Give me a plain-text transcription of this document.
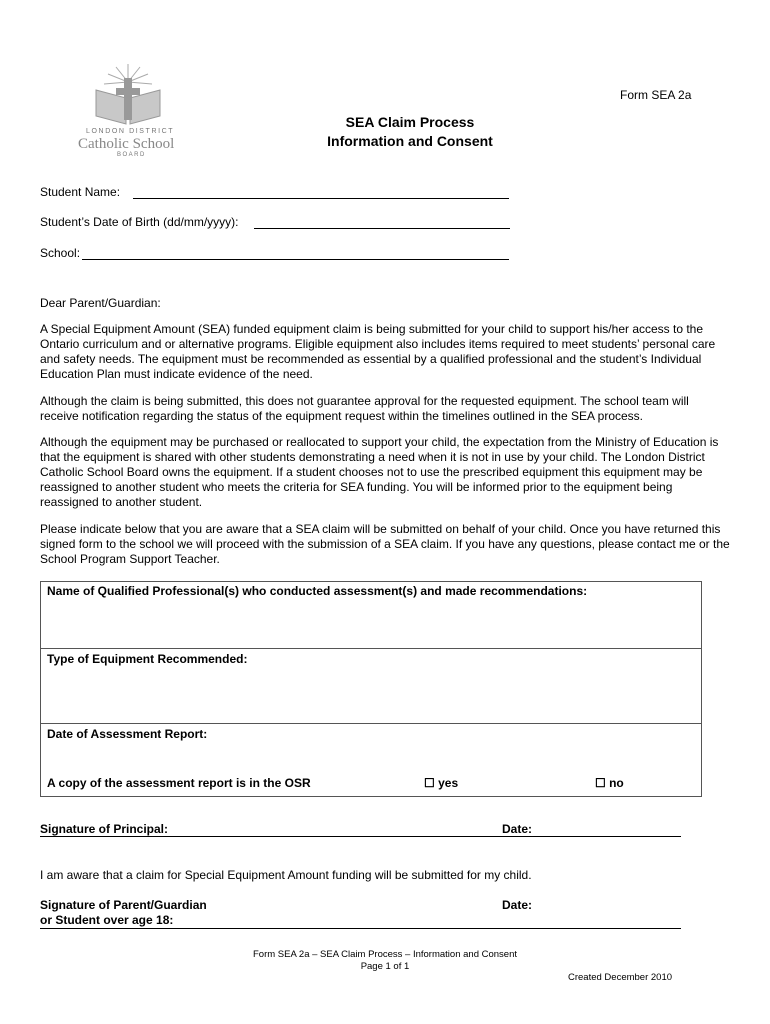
LONDON DISTRICT
Catholic School
BOARD
Form SEA 2a
SEA Claim Process
Information and Consent
Student Name:
Student’s Date of Birth (dd/mm/yyyy):
School:
Dear Parent/Guardian:
A Special Equipment Amount (SEA) funded equipment claim is being submitted for your child to support his/her access to the Ontario curriculum and or alternative programs. Eligible equipment also includes items required to meet students’ personal care and safety needs. The equipment must be recommended as essential by a qualified professional and the student’s Individual Education Plan must indicate evidence of the need.
Although the claim is being submitted, this does not guarantee approval for the requested equipment. The school team will receive notification regarding the status of the equipment request within the timelines outlined in the SEA process.
Although the equipment may be purchased or reallocated to support your child, the expectation from the Ministry of Education is that the equipment is shared with other students demonstrating a need when it is not in use by your child. The London District Catholic School Board owns the equipment. If a student chooses not to use the prescribed equipment this equipment may be reassigned to another student who meets the criteria for SEA funding. You will be informed prior to the equipment being reassigned to another student.
Please indicate below that you are aware that a SEA claim will be submitted on behalf of your child. Once you have returned this signed form to the school we will proceed with the submission of a SEA claim. If you have any questions, please contact me or the School Program Support Teacher.
Name of Qualified Professional(s) who conducted assessment(s) and made recommendations:
Type of Equipment Recommended:
Date of Assessment Report:
A copy of the assessment report is in the OSR	☐ yes	☐ no
Signature of Principal:	Date:
I am aware that a claim for Special Equipment Amount funding will be submitted for my child.
Signature of Parent/Guardian
or Student over age 18:
Date:
Form SEA 2a – SEA Claim Process – Information and Consent
Page 1 of 1
Created December 2010
